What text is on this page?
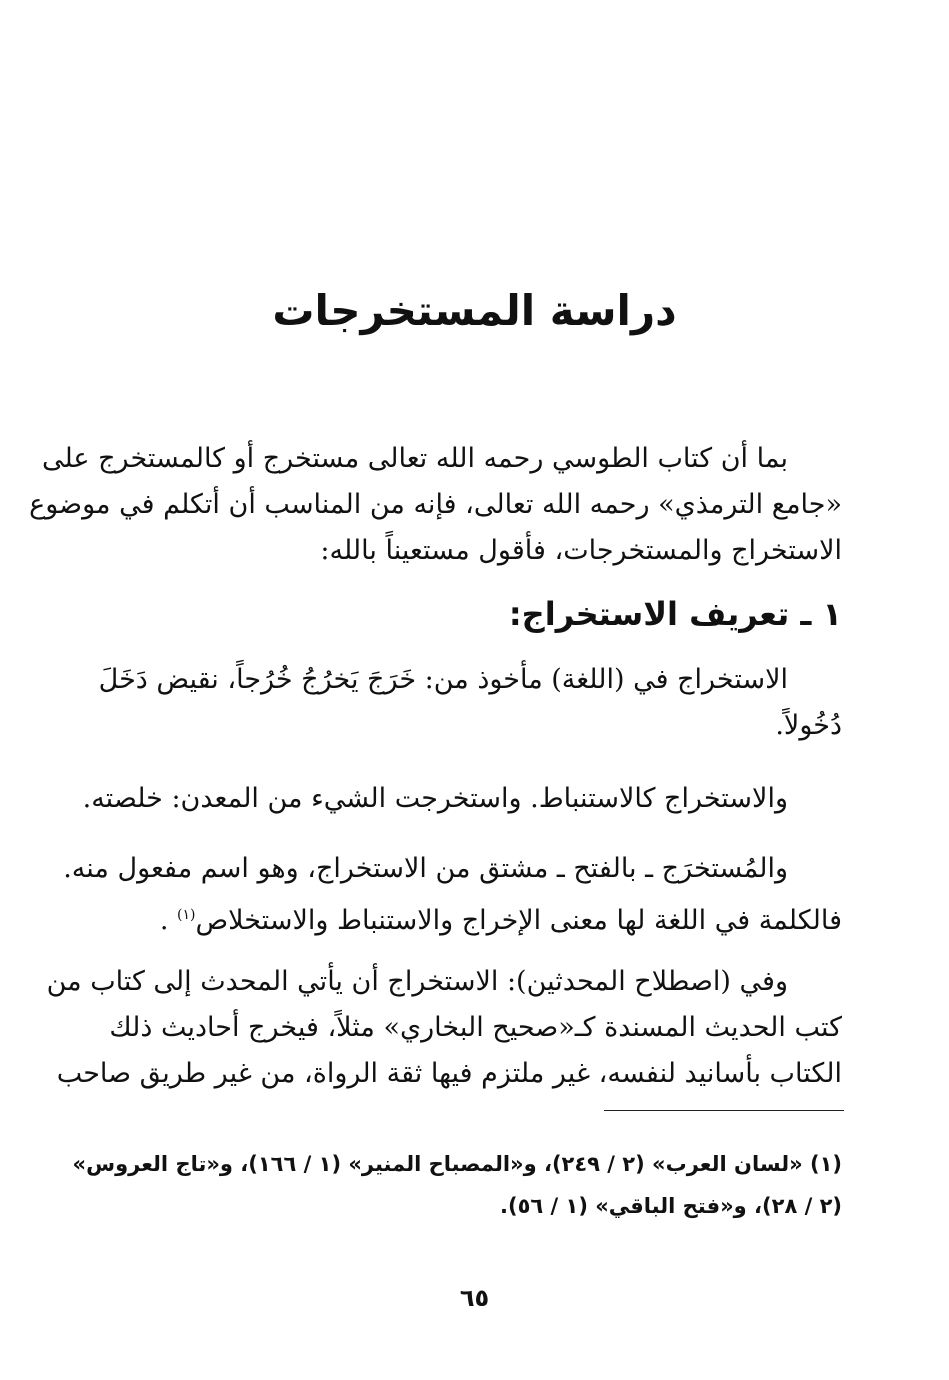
دراسة المستخرجات
بما أن كتاب الطوسي رحمه الله تعالى مستخرج أو كالمستخرج على
«جامع الترمذي» رحمه الله تعالى، فإنه من المناسب أن أتكلم في موضوع
الاستخراج والمستخرجات، فأقول مستعيناً بالله:
١ ـ تعريف الاستخراج:
الاستخراج في (اللغة) مأخوذ من: خَرَجَ يَخرُجُ خُرُجاً، نقيض دَخَلَ
دُخُولاً.
والاستخراج كالاستنباط. واستخرجت الشيء من المعدن: خلصته.
والمُستخرَج ـ بالفتح ـ مشتق من الاستخراج، وهو اسم مفعول منه.
فالكلمة في اللغة لها معنى الإخراج والاستنباط والاستخلاص$^{(١)}$ .
وفي (اصطلاح المحدثين): الاستخراج أن يأتي المحدث إلى كتاب من
كتب الحديث المسندة كـ«صحيح البخاري» مثلاً، فيخرج أحاديث ذلك
الكتاب بأسانيد لنفسه، غير ملتزم فيها ثقة الرواة، من غير طريق صاحب
(١) «لسان العرب» (٢ / ٢٤٩)، و«المصباح المنير» (١ / ١٦٦)، و«تاج العروس»
(٢ / ٢٨)، و«فتح الباقي» (١ / ٥٦).
٦٥
